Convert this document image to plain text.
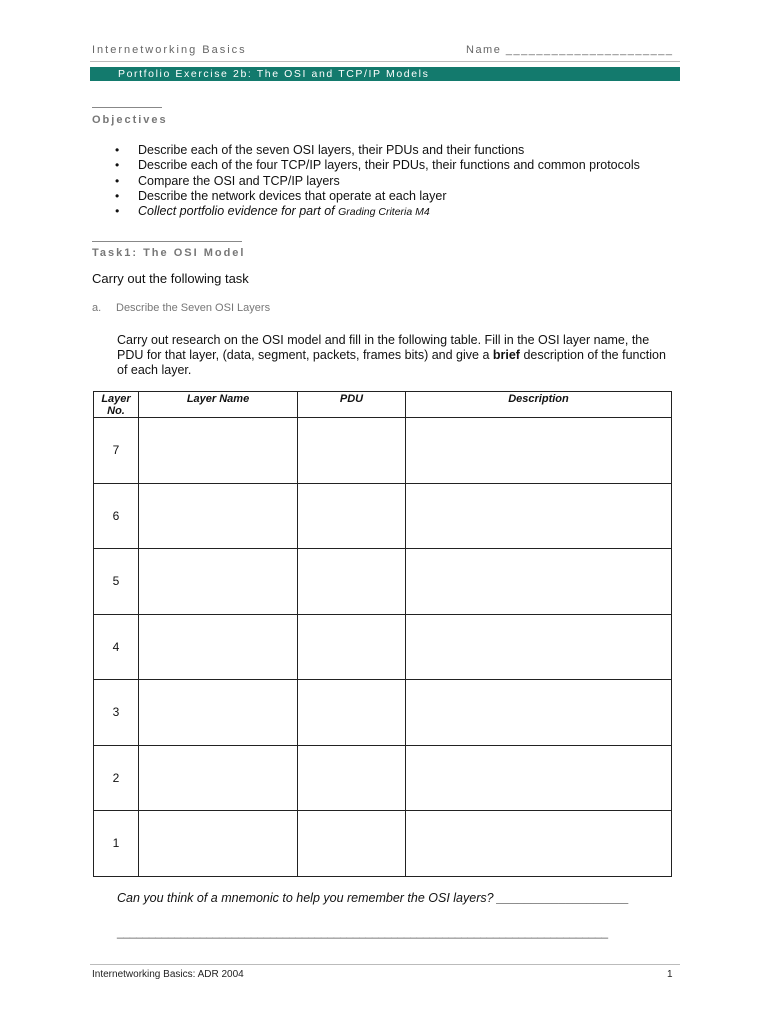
Internetworking Basics	Name ______________________
Portfolio Exercise 2b: The OSI and TCP/IP Models
Objectives
• Describe each of the seven OSI layers, their PDUs and their functions
• Describe each of the four TCP/IP layers, their PDUs, their functions and common protocols
• Compare the OSI and TCP/IP layers
• Describe the network devices that operate at each layer
• Collect portfolio evidence for part of Grading Criteria M4
Task1: The OSI Model
Carry out the following task
a. Describe the Seven OSI Layers
Carry out research on the OSI model and fill in the following table. Fill in the OSI layer name, the PDU for that layer, (data, segment, packets, frames bits) and give a brief description of the function of each layer.
Layer
No.	Layer Name	PDU	Description
7			
6			
5			
4			
3			
2			
1			
Can you think of a mnemonic to help you remember the OSI layers? ___________________
_____________________________________________________________________________
Internetworking Basics: ADR 2004	1
